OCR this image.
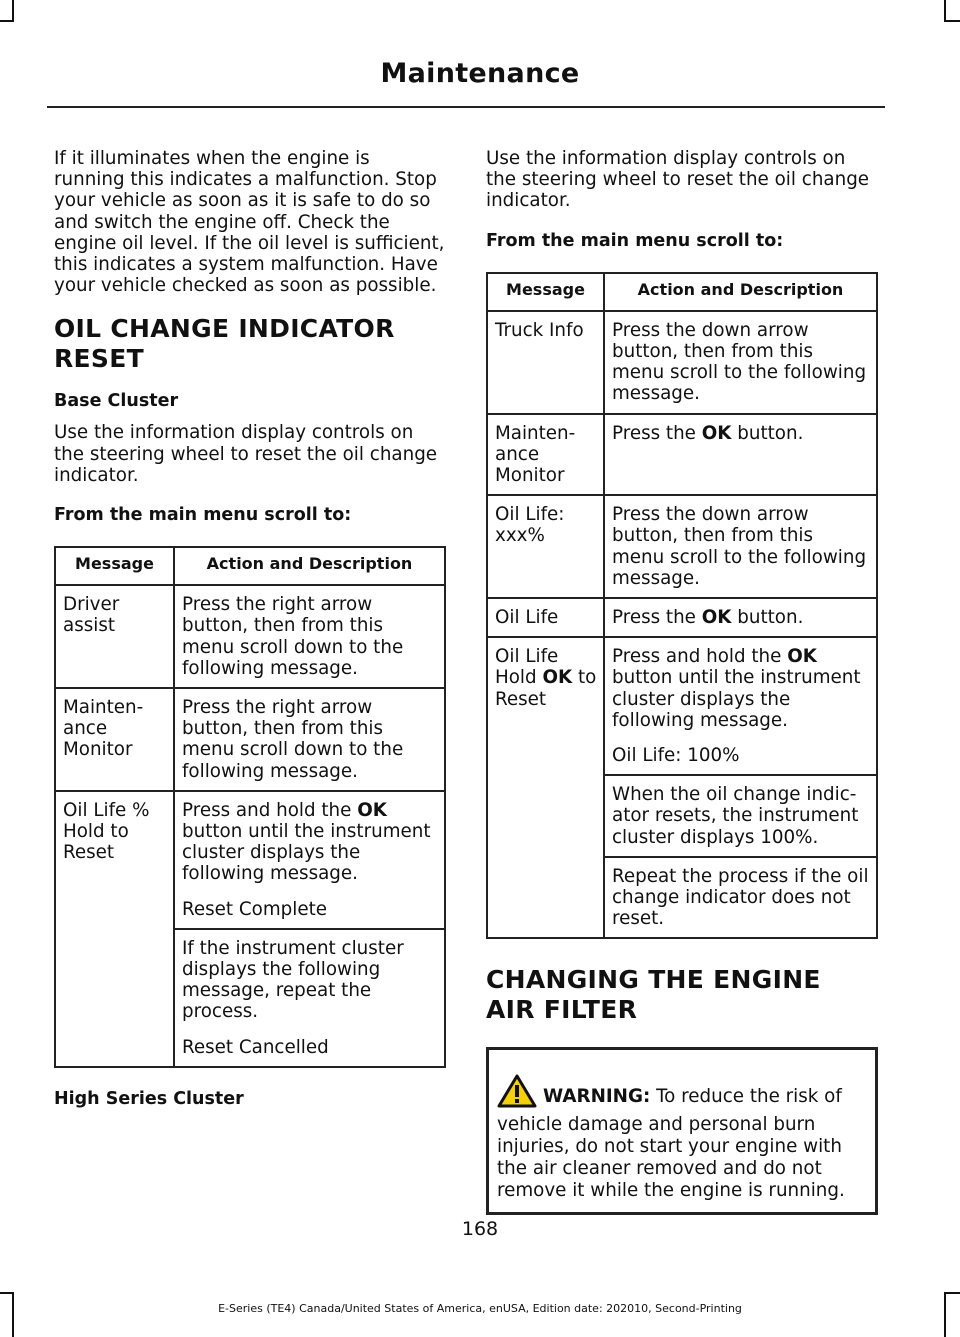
Maintenance

If it illuminates when the engine is running this indicates a malfunction. Stop your vehicle as soon as it is safe to do so and switch the engine off. Check the engine oil level. If the oil level is sufficient, this indicates a system malfunction. Have your vehicle checked as soon as possible.

OIL CHANGE INDICATOR RESET
Base Cluster

Use the information display controls on the steering wheel to reset the oil change indicator.

From the main menu scroll to:

Message	Action and Description
Driver assist	Press the right arrow button, then from this menu scroll down to the following message.
Mainten- ance Monitor	Press the right arrow button, then from this menu scroll down to the following message.
Oil Life % Hold to Reset	Press and hold the OK button until the instrument cluster displays the following message.
Reset Complete

	If the instrument cluster displays the following message, repeat the process.
Reset Cancelled
High Series Cluster

Use the information display controls on the steering wheel to reset the oil change indicator.

From the main menu scroll to:

Message	Action and Description
Truck Info	Press the down arrow button, then from this menu scroll to the following message.
Mainten- ance Monitor	Press the OK button.
Oil Life: xxx%	Press the down arrow button, then from this menu scroll to the following message.
Oil Life	Press the OK button.
Oil Life Hold OK to Reset	Press and hold the OK button until the instrument cluster displays the following message.
Oil Life: 100%

	When the oil change indic- ator resets, the instrument cluster displays 100%.
	Repeat the process if the oil change indicator does not reset.
CHANGING THE ENGINE AIR FILTER
WARNING: To reduce the risk of vehicle damage and personal burn injuries, do not start your engine with the air cleaner removed and do not remove it while the engine is running.
168
E-Series (TE4) Canada/United States of America, enUSA, Edition date: 202010, Second-Printing
